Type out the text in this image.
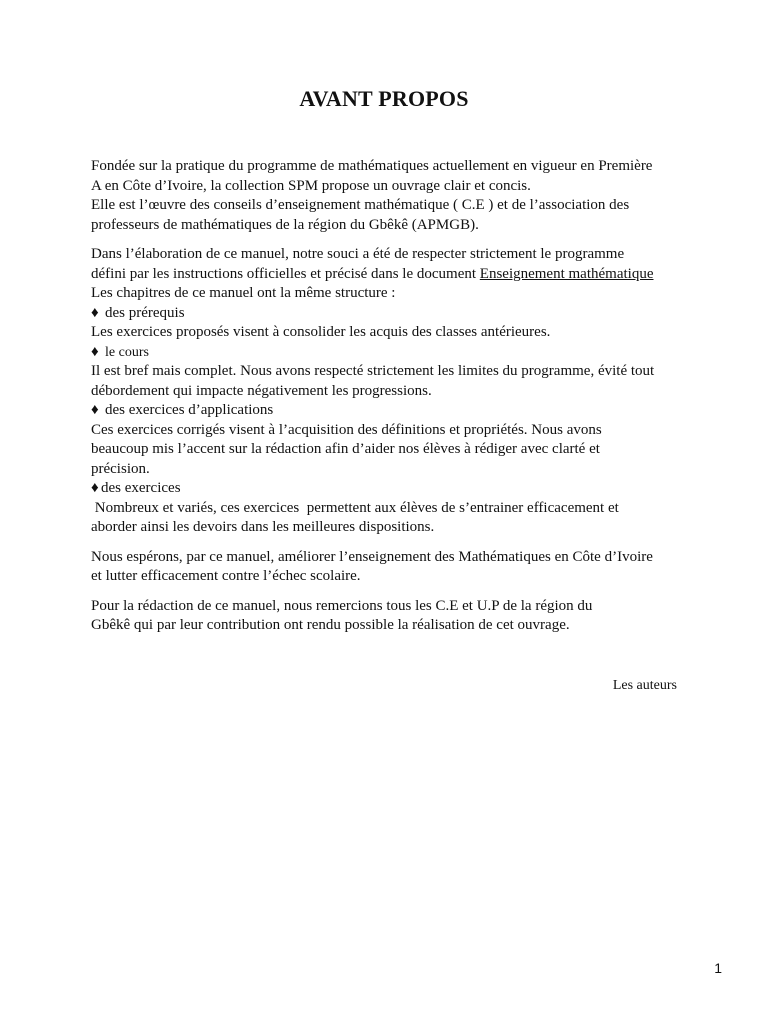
AVANT PROPOS
Fondée sur la pratique du programme de mathématiques actuellement en vigueur en Première
A en Côte d’Ivoire, la collection SPM propose un ouvrage clair et concis.
Elle est l’œuvre des conseils d’enseignement mathématique ( C.E ) et de l’association des
professeurs de mathématiques de la région du Gbêkê (APMGB).
Dans l’élaboration de ce manuel, notre souci a été de respecter strictement le programme
défini par les instructions officielles et précisé dans le document Enseignement mathématique
Les chapitres de ce manuel ont la même structure :
♦ des prérequis
Les exercices proposés visent à consolider les acquis des classes antérieures.
♦ le cours
Il est bref mais complet. Nous avons respecté strictement les limites du programme, évité tout
débordement qui impacte négativement les progressions.
♦ des exercices d’applications
Ces exercices corrigés visent à l’acquisition des définitions et propriétés. Nous avons
beaucoup mis l’accent sur la rédaction afin d’aider nos élèves à rédiger avec clarté et
précision.
♦ des exercices
Nombreux et variés, ces exercices  permettent aux élèves de s’entrainer efficacement et
aborder ainsi les devoirs dans les meilleures dispositions.
Nous espérons, par ce manuel, améliorer l’enseignement des Mathématiques en Côte d’Ivoire
et lutter efficacement contre l’échec scolaire.
Pour la rédaction de ce manuel, nous remercions tous les C.E et U.P de la région du
Gbêkê qui par leur contribution ont rendu possible la réalisation de cet ouvrage.
Les auteurs
1
